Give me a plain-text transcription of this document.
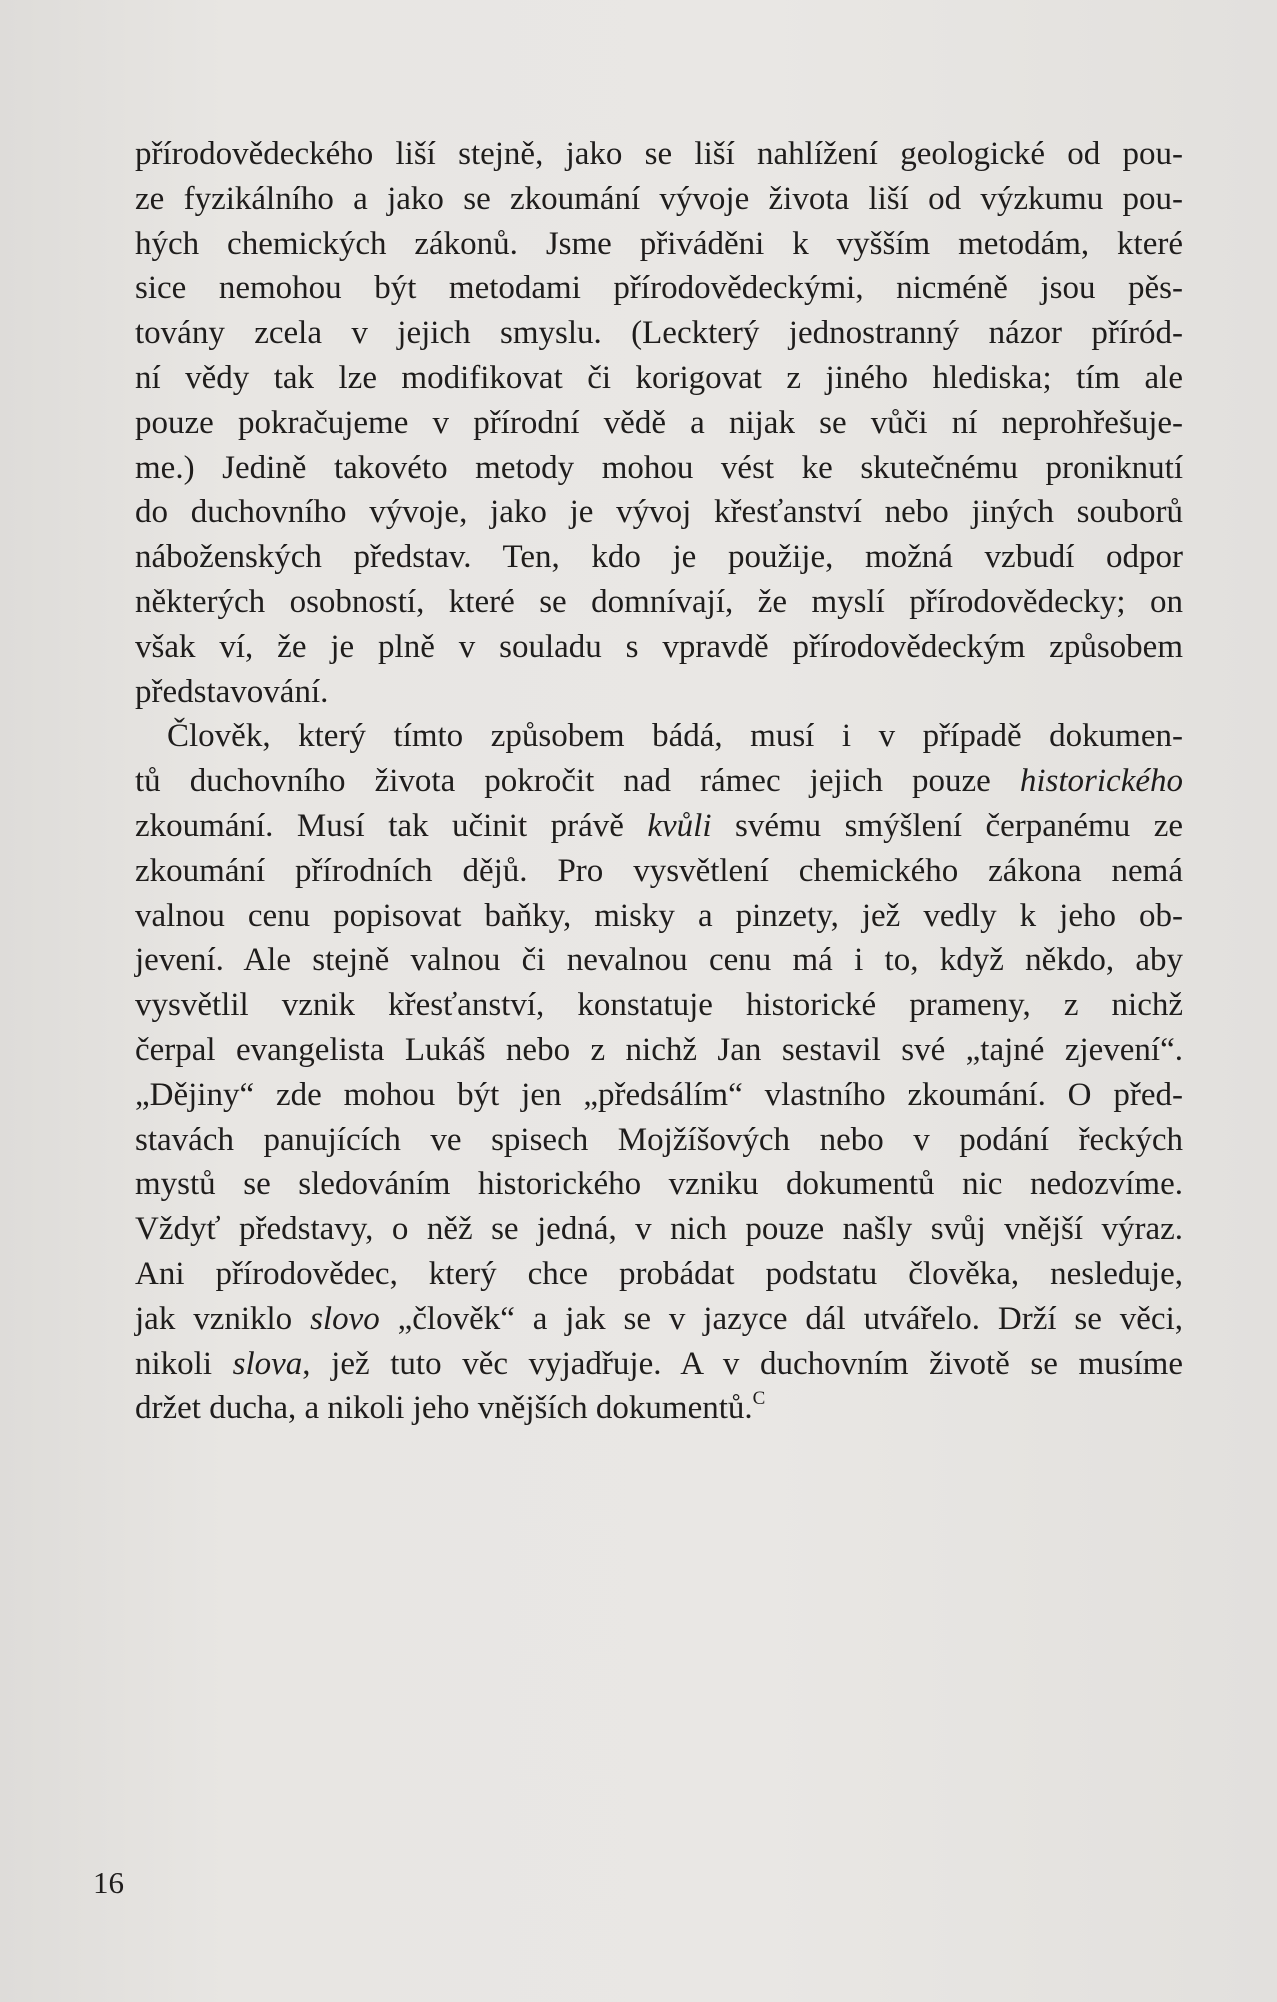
přírodovědeckého liší stejně, jako se liší nahlížení geologické od pou-
ze fyzikálního a jako se zkoumání vývoje života liší od výzkumu pou-
hých chemických zákonů. Jsme přiváděni k vyšším metodám, které
sice nemohou být metodami přírodovědeckými, nicméně jsou pěs-
továny zcela v jejich smyslu. (Leckterý jednostranný názor příród-
ní vědy tak lze modifikovat či korigovat z jiného hlediska; tím ale
pouze pokračujeme v přírodní vědě a nijak se vůči ní neprohřešuje-
me.) Jedině takovéto metody mohou vést ke skutečnému proniknutí
do duchovního vývoje, jako je vývoj křesťanství nebo jiných souborů
náboženských představ. Ten, kdo je použije, možná vzbudí odpor
některých osobností, které se domnívají, že myslí přírodovědecky; on
však ví, že je plně v souladu s vpravdě přírodovědeckým způsobem
představování.
Člověk, který tímto způsobem bádá, musí i v případě dokumen-
tů duchovního života pokročit nad rámec jejich pouze historického
zkoumání. Musí tak učinit právě kvůli svému smýšlení čerpanému ze
zkoumání přírodních dějů. Pro vysvětlení chemického zákona nemá
valnou cenu popisovat baňky, misky a pinzety, jež vedly k jeho ob-
jevení. Ale stejně valnou či nevalnou cenu má i to, když někdo, aby
vysvětlil vznik křesťanství, konstatuje historické prameny, z nichž
čerpal evangelista Lukáš nebo z nichž Jan sestavil své „tajné zjevení“.
„Dějiny“ zde mohou být jen „předsálím“ vlastního zkoumání. O před-
stavách panujících ve spisech Mojžíšových nebo v podání řeckých
mystů se sledováním historického vzniku dokumentů nic nedozvíme.
Vždyť představy, o něž se jedná, v nich pouze našly svůj vnější výraz.
Ani přírodovědec, který chce probádat podstatu člověka, nesleduje,
jak vzniklo slovo „člověk“ a jak se v jazyce dál utvářelo. Drží se věci,
nikoli slova, jež tuto věc vyjadřuje. A v duchovním životě se musíme
držet ducha, a nikoli jeho vnějších dokumentů.$^C$
16
